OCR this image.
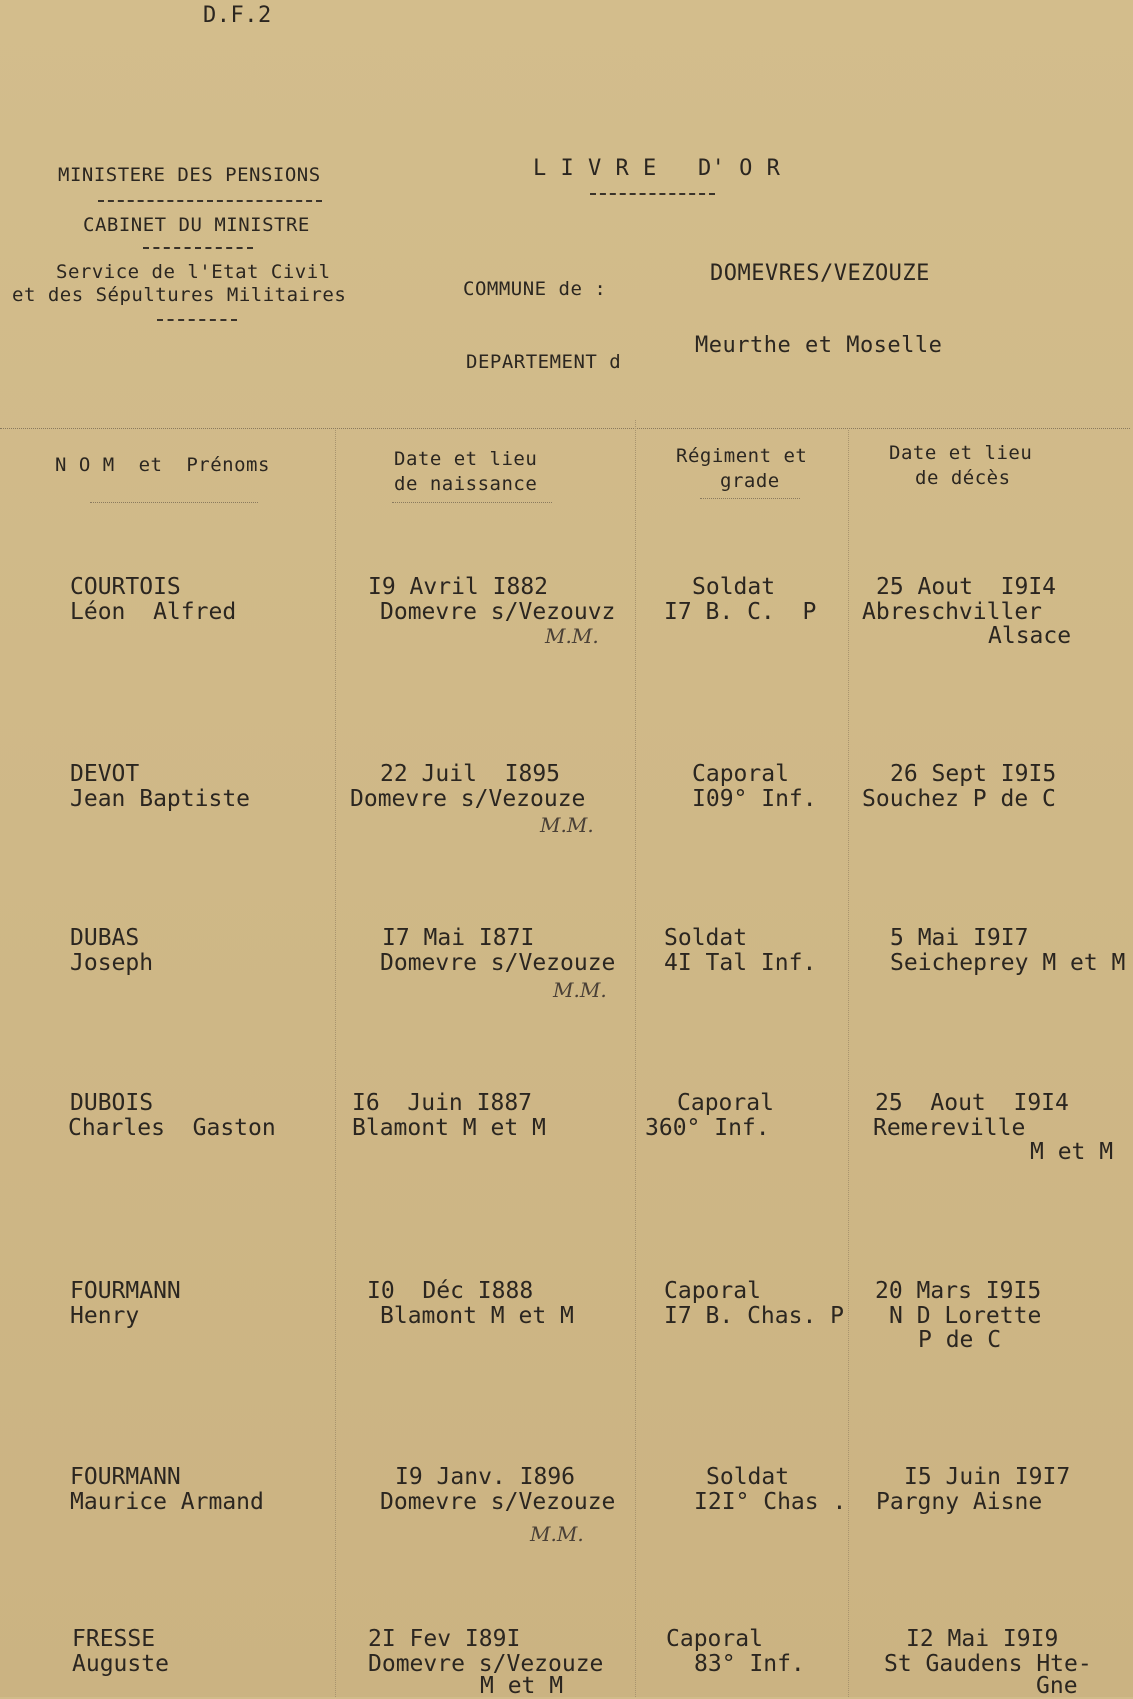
D.F.2
MINISTERE DES PENSIONS
CABINET DU MINISTRE
Service de l'Etat Civil
et des Sépultures Militaires
L I V R E   D' O R
COMMUNE de :
DOMEVRES/VEZOUZE
DEPARTEMENT d
Meurthe et Moselle
N O M  et  Prénoms	Date et lieu
de naissance
Régiment et
grade
Date et lieu
de décès
COURTOIS
Léon  Alfred
I9 Avril I882
Domevre s/Vezouvz
M.M.
Soldat
I7 B. C.  P
25 Aout  I9I4
Abreschviller
Alsace
DEVOT
Jean Baptiste
22 Juil  I895
Domevre s/Vezouze
M.M.
Caporal
I09° Inf.
26 Sept I9I5
Souchez P de C
DUBAS
Joseph
I7 Mai I87I
Domevre s/Vezouze
M.M.
Soldat
4I Tal Inf.
5 Mai I9I7
Seicheprey M et M
DUBOIS
Charles  Gaston
I6  Juin I887
Blamont M et M
Caporal
360° Inf.
25  Aout  I9I4
Remereville
M et M
FOURMANN
Henry
I0  Déc I888
Blamont M et M
Caporal
I7 B. Chas. P
20 Mars I9I5
N D Lorette
P de C
FOURMANN
Maurice Armand
I9 Janv. I896
Domevre s/Vezouze
M.M.
Soldat
I2I° Chas .
I5 Juin I9I7
Pargny Aisne
FRESSE
Auguste
2I Fev I89I
Domevre s/Vezouze
M et M
Caporal
83° Inf.
I2 Mai I9I9
St Gaudens Hte-
Gne
